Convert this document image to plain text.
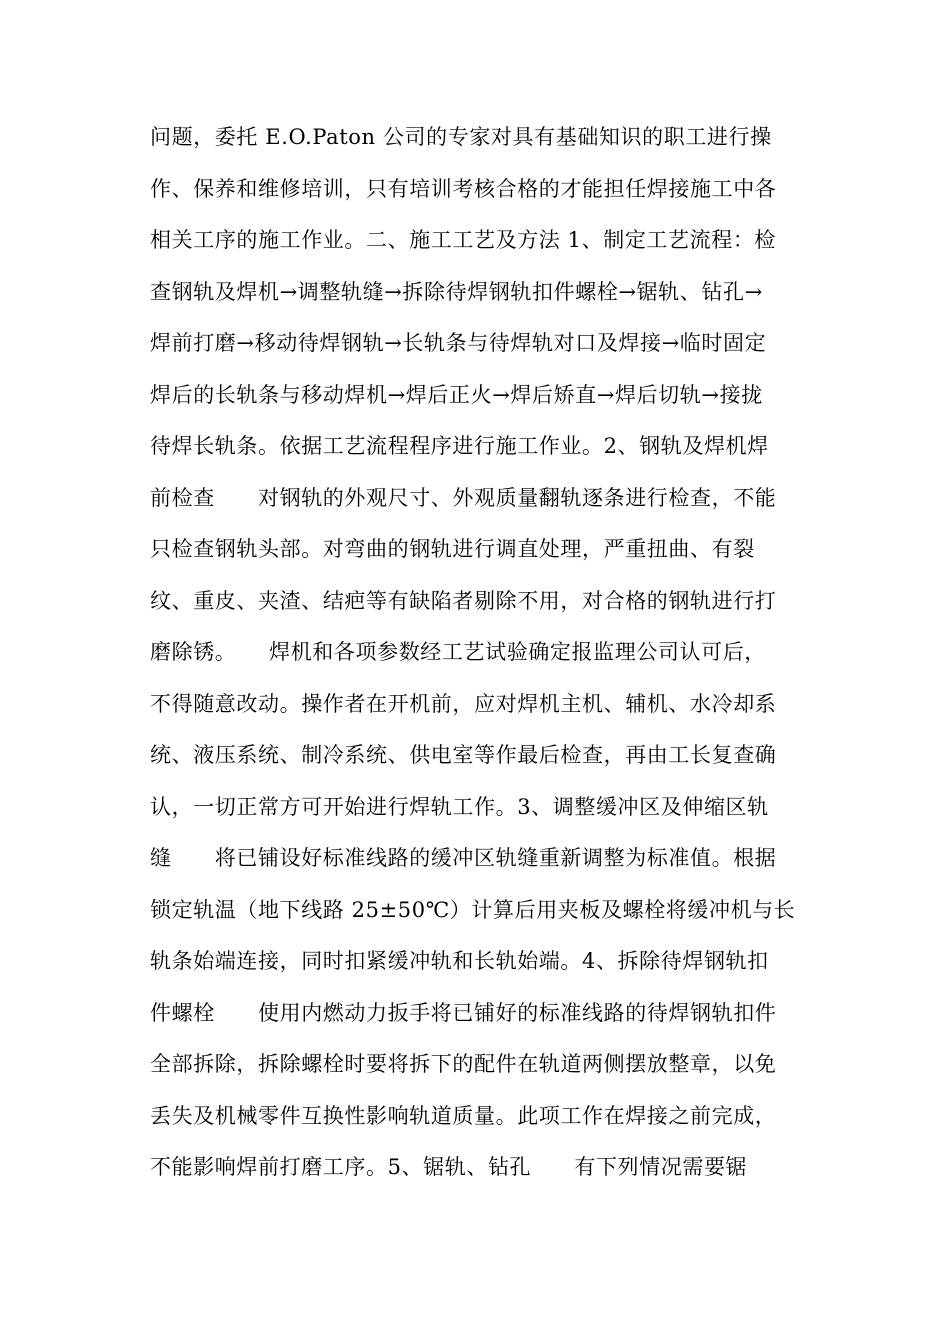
问题，委托 E.O.Paton 公司的专家对具有基础知识的职工进行操
作、保养和维修培训，只有培训考核合格的才能担任焊接施工中各
相关工序的施工作业。二、施工工艺及方法 1、制定工艺流程：检
查钢轨及焊机→调整轨缝→拆除待焊钢轨扣件螺栓→锯轨、钻孔→
焊前打磨→移动待焊钢轨→长轨条与待焊轨对口及焊接→临时固定
焊后的长轨条与移动焊机→焊后正火→焊后矫直→焊后切轨→接拢
待焊长轨条。依据工艺流程程序进行施工作业。2、钢轨及焊机焊
前检查　　对钢轨的外观尺寸、外观质量翻轨逐条进行检查，不能
只检查钢轨头部。对弯曲的钢轨进行调直处理，严重扭曲、有裂
纹、重皮、夹渣、结疤等有缺陷者剔除不用，对合格的钢轨进行打
磨除锈。　　焊机和各项参数经工艺试验确定报监理公司认可后，
不得随意改动。操作者在开机前，应对焊机主机、辅机、水冷却系
统、液压系统、制冷系统、供电室等作最后检查，再由工长复查确
认，一切正常方可开始进行焊轨工作。3、调整缓冲区及伸缩区轨
缝　　将已铺设好标准线路的缓冲区轨缝重新调整为标准值。根据
锁定轨温（地下线路 25±50℃）计算后用夹板及螺栓将缓冲机与长
轨条始端连接，同时扣紧缓冲轨和长轨始端。4、拆除待焊钢轨扣
件螺栓　　使用内燃动力扳手将已铺好的标准线路的待焊钢轨扣件
全部拆除，拆除螺栓时要将拆下的配件在轨道两侧摆放整章，以免
丢失及机械零件互换性影响轨道质量。此项工作在焊接之前完成，
不能影响焊前打磨工序。5、锯轨、钻孔　　有下列情况需要锯
